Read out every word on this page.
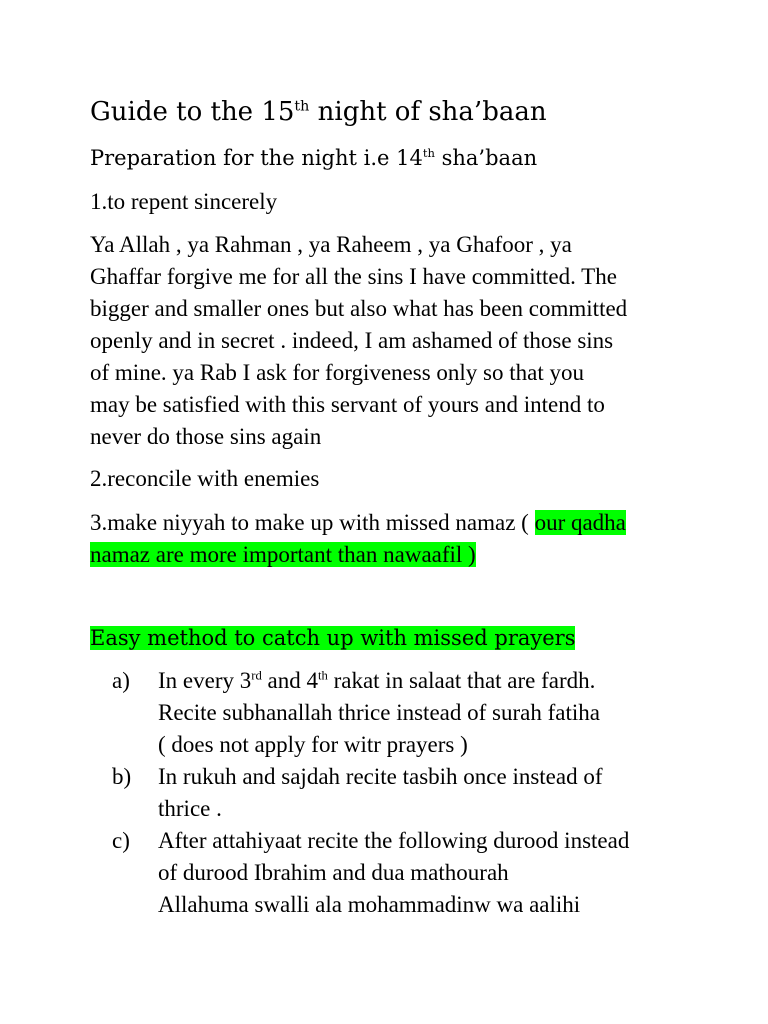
Guide to the 15th night of sha’baan
Preparation for the night i.e 14th sha’baan
1.to repent sincerely
Ya Allah , ya Rahman , ya Raheem , ya Ghafoor , ya
Ghaffar forgive me for all the sins I have committed. The
bigger and smaller ones but also what has been committed
openly and in secret . indeed, I am ashamed of those sins
of mine. ya Rab I ask for forgiveness only so that you
may be satisfied with this servant of yours and intend to
never do those sins again
2.reconcile with enemies
3.make niyyah to make up with missed namaz ( our qadha
namaz are more important than nawaafil )
Easy method to catch up with missed prayers
a) In every 3rd and 4th rakat in salaat that are fardh.
Recite subhanallah thrice instead of surah fatiha
( does not apply for witr prayers )
b) In rukuh and sajdah recite tasbih once instead of
thrice .
c) After attahiyaat recite the following durood instead
of durood Ibrahim and dua mathourah
Allahuma swalli ala mohammadinw wa aalihi
